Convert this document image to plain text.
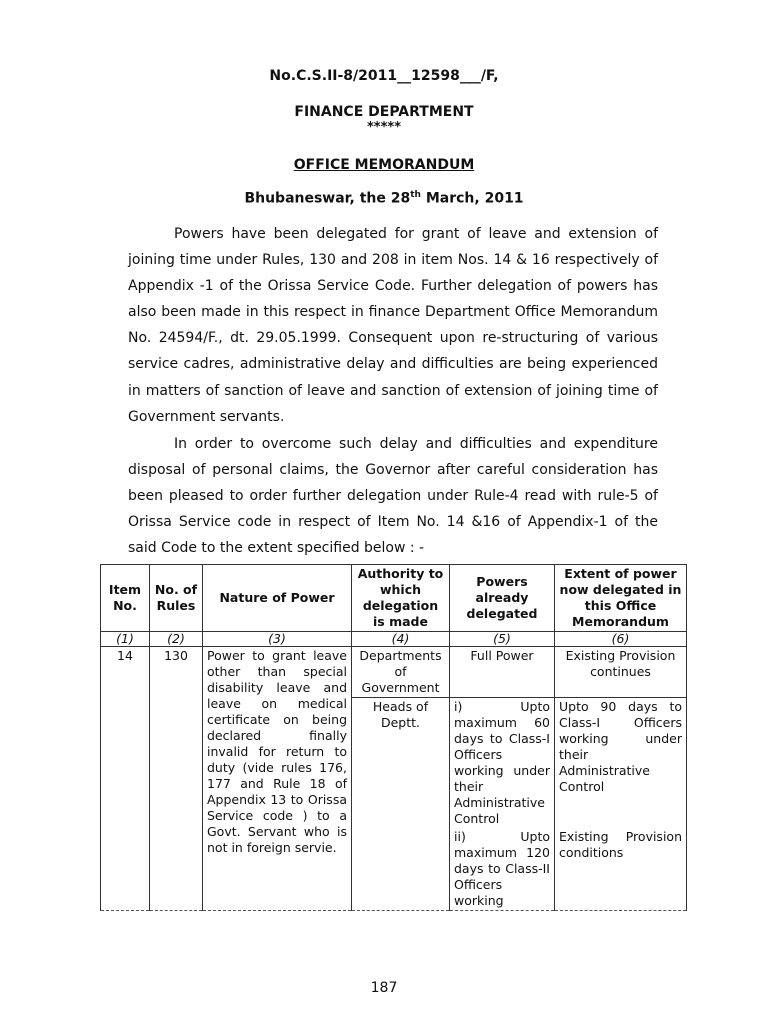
No.C.S.II-8/2011__12598___/F,
FINANCE DEPARTMENT
*****
OFFICE MEMORANDUM
Bhubaneswar, the 28th March, 2011

Powers have been delegated for grant of leave and extension of joining time under Rules, 130 and 208 in item Nos. 14 & 16 respectively of Appendix -1 of the Orissa Service Code. Further delegation of powers has also been made in this respect in finance Department Office Memorandum No. 24594/F., dt. 29.05.1999. Consequent upon re-structuring of various service cadres, administrative delay and difficulties are being experienced in matters of sanction of leave and sanction of extension of joining time of Government servants.

In order to overcome such delay and difficulties and expenditure disposal of personal claims, the Governor after careful consideration has been pleased to order further delegation under Rule-4 read with rule-5 of Orissa Service code in respect of Item No. 14 &16 of Appendix-1 of the said Code to the extent specified below : -

Item No.	No. of Rules	Nature of Power	Authority to which delegation is made	Powers already delegated	Extent of power now delegated in this Office Memorandum
(1)	(2)	(3)	(4)	(5)	(6)
14	130	Power to grant leave other than special disability leave and leave on medical certificate on being declared finally invalid for return to duty (vide rules 176, 177 and Rule 18 of Appendix 13 to Orissa Service code ) to a Govt. Servant who is not in foreign servie.	Departments of Government	Full Power	Existing Provision continues
			Heads of Deptt.	i) Upto maximum 60 days to Class-I Officers working under their Administrative Control	Upto 90 days to Class-I Officers working under their Administrative Control
				ii) Upto maximum 120 days to Class-II Officers working	Existing Provision conditions
187
